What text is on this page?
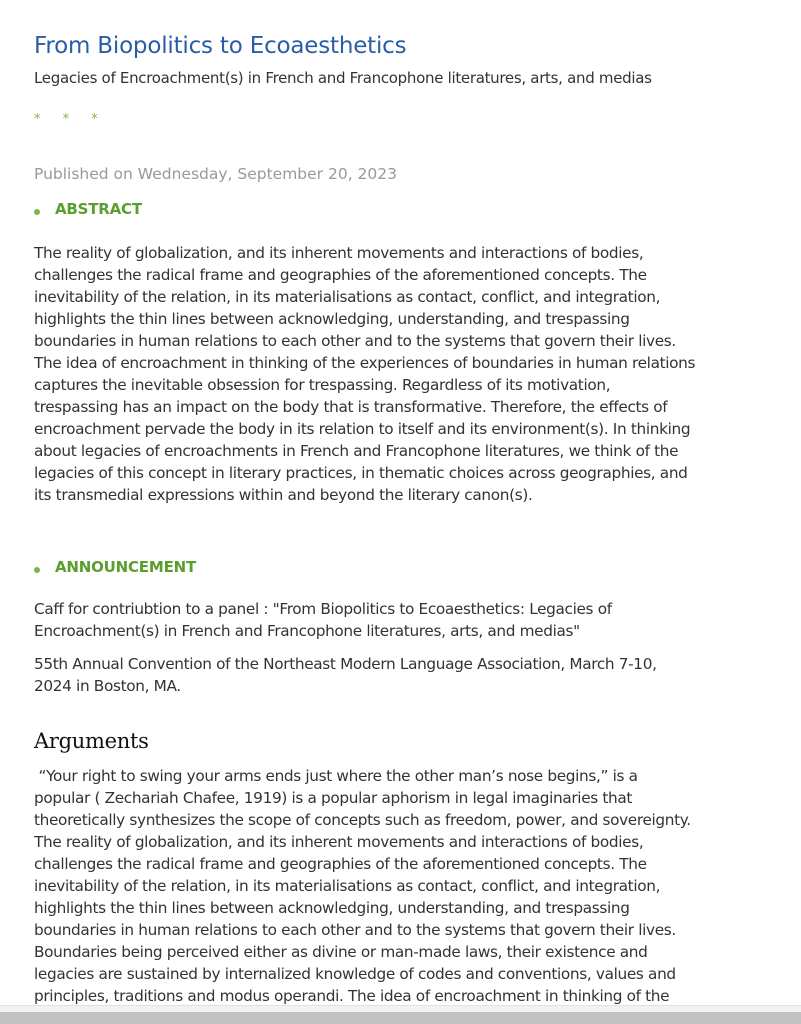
From Biopolitics to Ecoaesthetics
Legacies of Encroachment(s) in French and Francophone literatures, arts, and medias
* * *
Published on Wednesday, September 20, 2023
ABSTRACT
The reality of globalization, and its inherent movements and interactions of bodies,
challenges the radical frame and geographies of the aforementioned concepts. The
inevitability of the relation, in its materialisations as contact, conflict, and integration,
highlights the thin lines between acknowledging, understanding, and trespassing
boundaries in human relations to each other and to the systems that govern their lives.
The idea of encroachment in thinking of the experiences of boundaries in human relations
captures the inevitable obsession for trespassing. Regardless of its motivation,
trespassing has an impact on the body that is transformative. Therefore, the effects of
encroachment pervade the body in its relation to itself and its environment(s). In thinking
about legacies of encroachments in French and Francophone literatures, we think of the
legacies of this concept in literary practices, in thematic choices across geographies, and
its transmedial expressions within and beyond the literary canon(s).
ANNOUNCEMENT
Caff for contriubtion to a panel : "From Biopolitics to Ecoaesthetics: Legacies of
Encroachment(s) in French and Francophone literatures, arts, and medias"
55th Annual Convention of the Northeast Modern Language Association, March 7-10,
2024 in Boston, MA.
Arguments
“Your right to swing your arms ends just where the other man’s nose begins,” is a
popular ( Zechariah Chafee, 1919) is a popular aphorism in legal imaginaries that
theoretically synthesizes the scope of concepts such as freedom, power, and sovereignty.
The reality of globalization, and its inherent movements and interactions of bodies,
challenges the radical frame and geographies of the aforementioned concepts. The
inevitability of the relation, in its materialisations as contact, conflict, and integration,
highlights the thin lines between acknowledging, understanding, and trespassing
boundaries in human relations to each other and to the systems that govern their lives.
Boundaries being perceived either as divine or man-made laws, their existence and
legacies are sustained by internalized knowledge of codes and conventions, values and
principles, traditions and modus operandi. The idea of encroachment in thinking of the
